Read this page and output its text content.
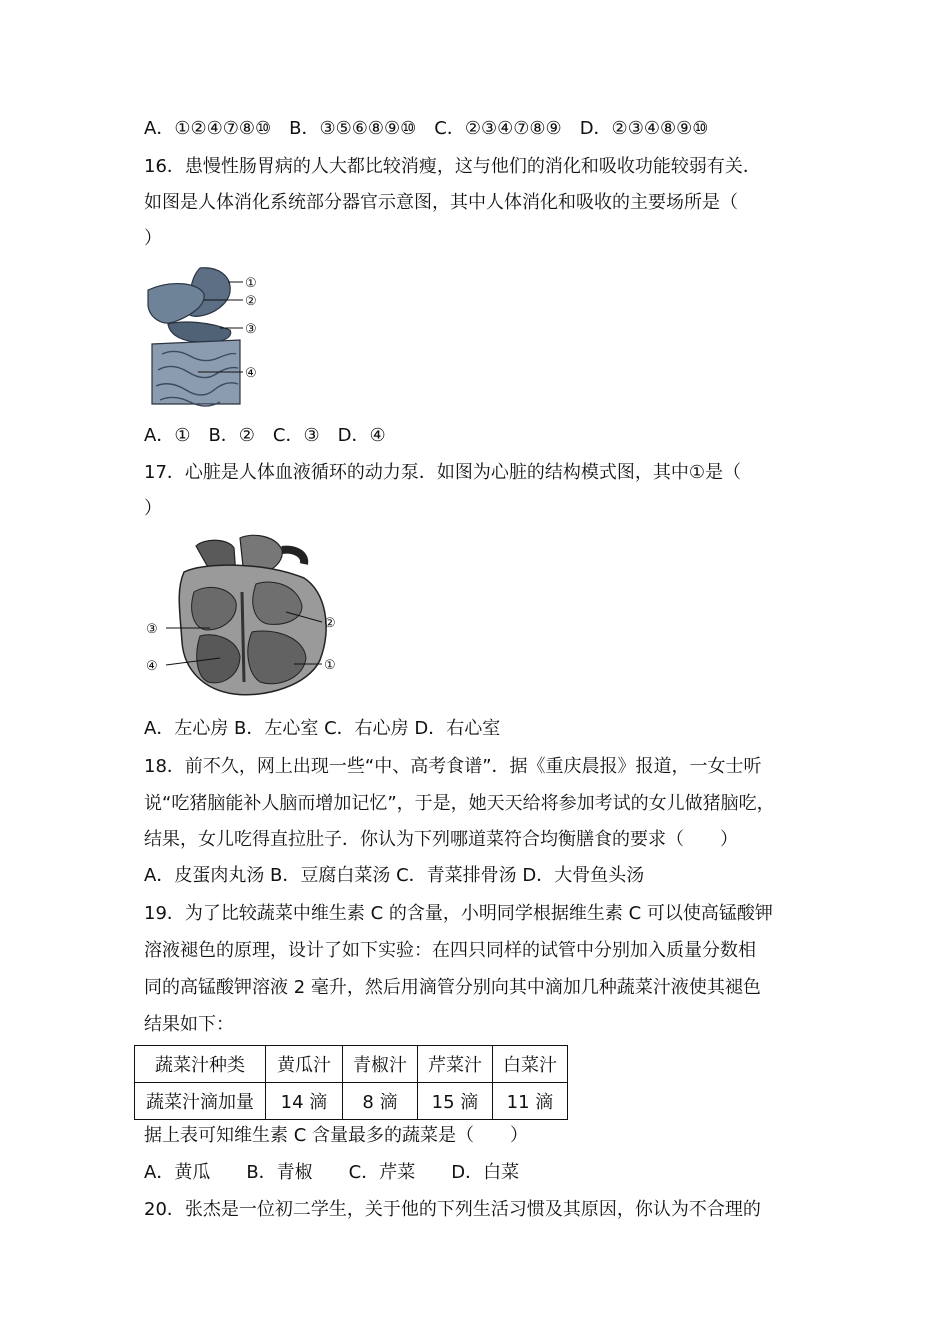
A．①②④⑦⑧⑩　B．③⑤⑥⑧⑨⑩　C．②③④⑦⑧⑨　D．②③④⑧⑨⑩
16．患慢性肠胃病的人大都比较消瘦，这与他们的消化和吸收功能较弱有关．
如图是人体消化系统部分器官示意图，其中人体消化和吸收的主要场所是（
）
①
②
③
④
A．①　B．②　C．③　D．④
17．心脏是人体血液循环的动力泵．如图为心脏的结构模式图，其中①是（
）
③
④
②
①
A．左心房 B．左心室 C．右心房 D．右心室
18．前不久，网上出现一些“中、高考食谱”．据《重庆晨报》报道，一女士听
说“吃猪脑能补人脑而增加记忆”，于是，她天天给将参加考试的女儿做猪脑吃，
结果，女儿吃得直拉肚子．你认为下列哪道菜符合均衡膳食的要求（　　）
A．皮蛋肉丸汤 B．豆腐白菜汤 C．青菜排骨汤 D．大骨鱼头汤
19．为了比较蔬菜中维生素 C 的含量，小明同学根据维生素 C 可以使高锰酸钾
溶液褪色的原理，设计了如下实验：在四只同样的试管中分别加入质量分数相
同的高锰酸钾溶液 2 毫升，然后用滴管分别向其中滴加几种蔬菜汁液使其褪色
结果如下：
蔬菜汁种类	黄瓜汁	青椒汁	芹菜汁	白菜汁
蔬菜汁滴加量	14 滴	8 滴	15 滴	11 滴
据上表可知维生素 C 含量最多的蔬菜是（　　）
A．黄瓜　　B．青椒　　C．芹菜　　D．白菜
20．张杰是一位初二学生，关于他的下列生活习惯及其原因，你认为不合理的
